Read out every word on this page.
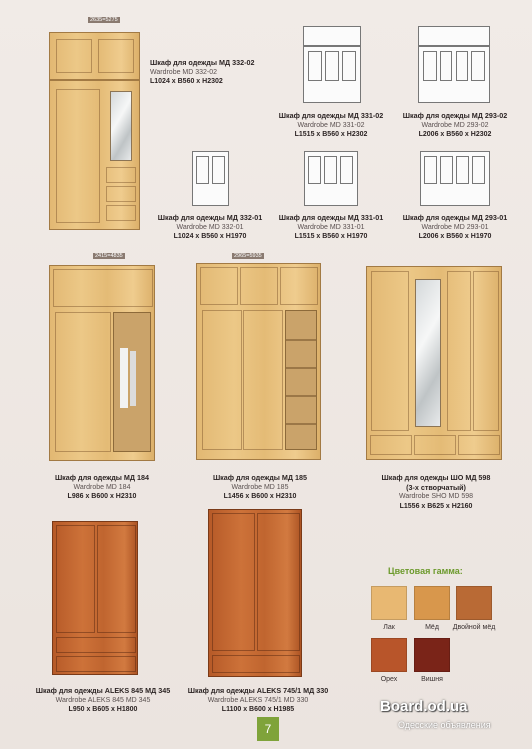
2635=5275
Шкаф для одежды МД 332-02
Wardrobe MD 332-02
L1024 x B560 x H2302
Шкаф для одежды МД 331-02
Wardrobe MD 331-02
L1515 x B560 x H2302
Шкаф для одежды МД 293-02
Wardrobe MD 293-02
L2006 x B560 x H2302
Шкаф для одежды МД 332-01
Wardrobe MD 332-01
L1024 x B560 x H1970
Шкаф для одежды МД 331-01
Wardrobe MD 331-01
L1515 x B560 x H1970
Шкаф для одежды МД 293-01
Wardrobe MD 293-01
L2006 x B560 x H1970
2415=4835
Шкаф для одежды МД 184
Wardrobe MD 184
L986 x B600 x H2310
2965=5935
Шкаф для одежды МД 185
Wardrobe MD 185
L1456 x B600 x H2310
Шкаф для одежды ШО МД 598
(3-х створчатый)
Wardrobe SHO MD 598
L1556 x B625 x H2160
Шкаф для одежды ALEKS 845 МД 345
Wardrobe ALEKS 845 MD 345
L950 x B605 x H1800
Шкаф для одежды ALEKS 745/1 МД 330
Wardrobe ALEKS 745/1 MD 330
L1100 x B600 x H1985
Цветовая гамма:
Лак	Мёд	Двойной мёд
Орех	Вишня
7
Board.od.ua
Одесские объявления
